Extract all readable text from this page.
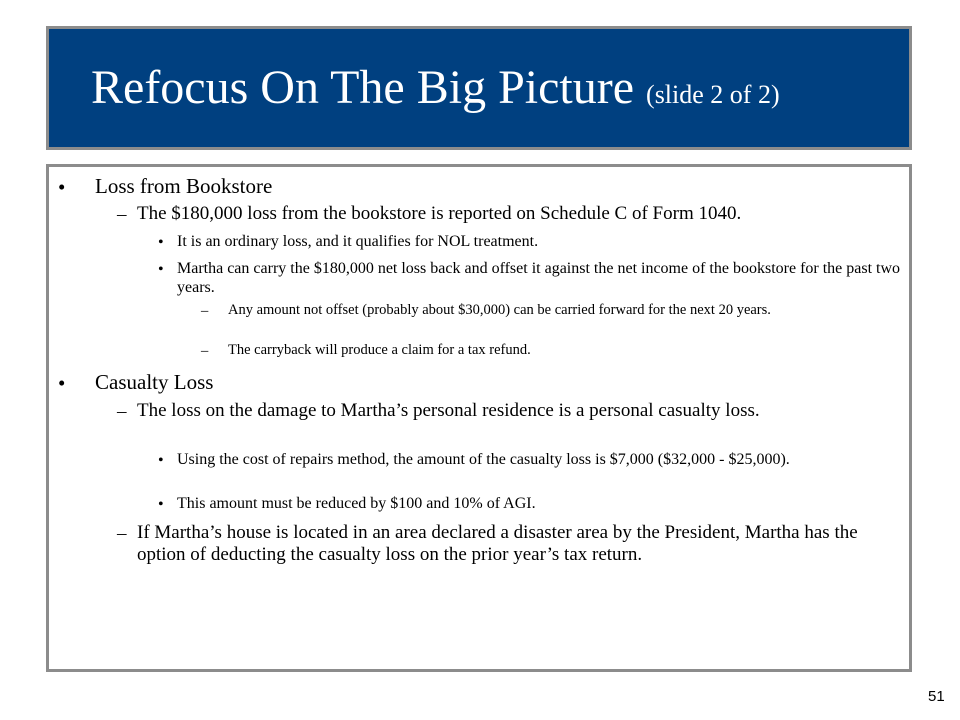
Refocus On The Big Picture (slide 2 of 2)
• Loss from Bookstore
– The $180,000 loss from the bookstore is reported on Schedule C of Form 1040.
• It is an ordinary loss, and it qualifies for NOL treatment.
• Martha can carry the $180,000 net loss back and offset it against the net income of the bookstore for the past two years.
– Any amount not offset (probably about $30,000) can be carried forward for the next 20 years.
– The carryback will produce a claim for a tax refund.
• Casualty Loss
– The loss on the damage to Martha’s personal residence is a personal casualty loss.
• Using the cost of repairs method, the amount of the casualty loss is $7,000 ($32,000 - $25,000).
• This amount must be reduced by $100 and 10% of AGI.
– If Martha’s house is located in an area declared a disaster area by the President, Martha has the option of deducting the casualty loss on the prior year’s tax return.
51
